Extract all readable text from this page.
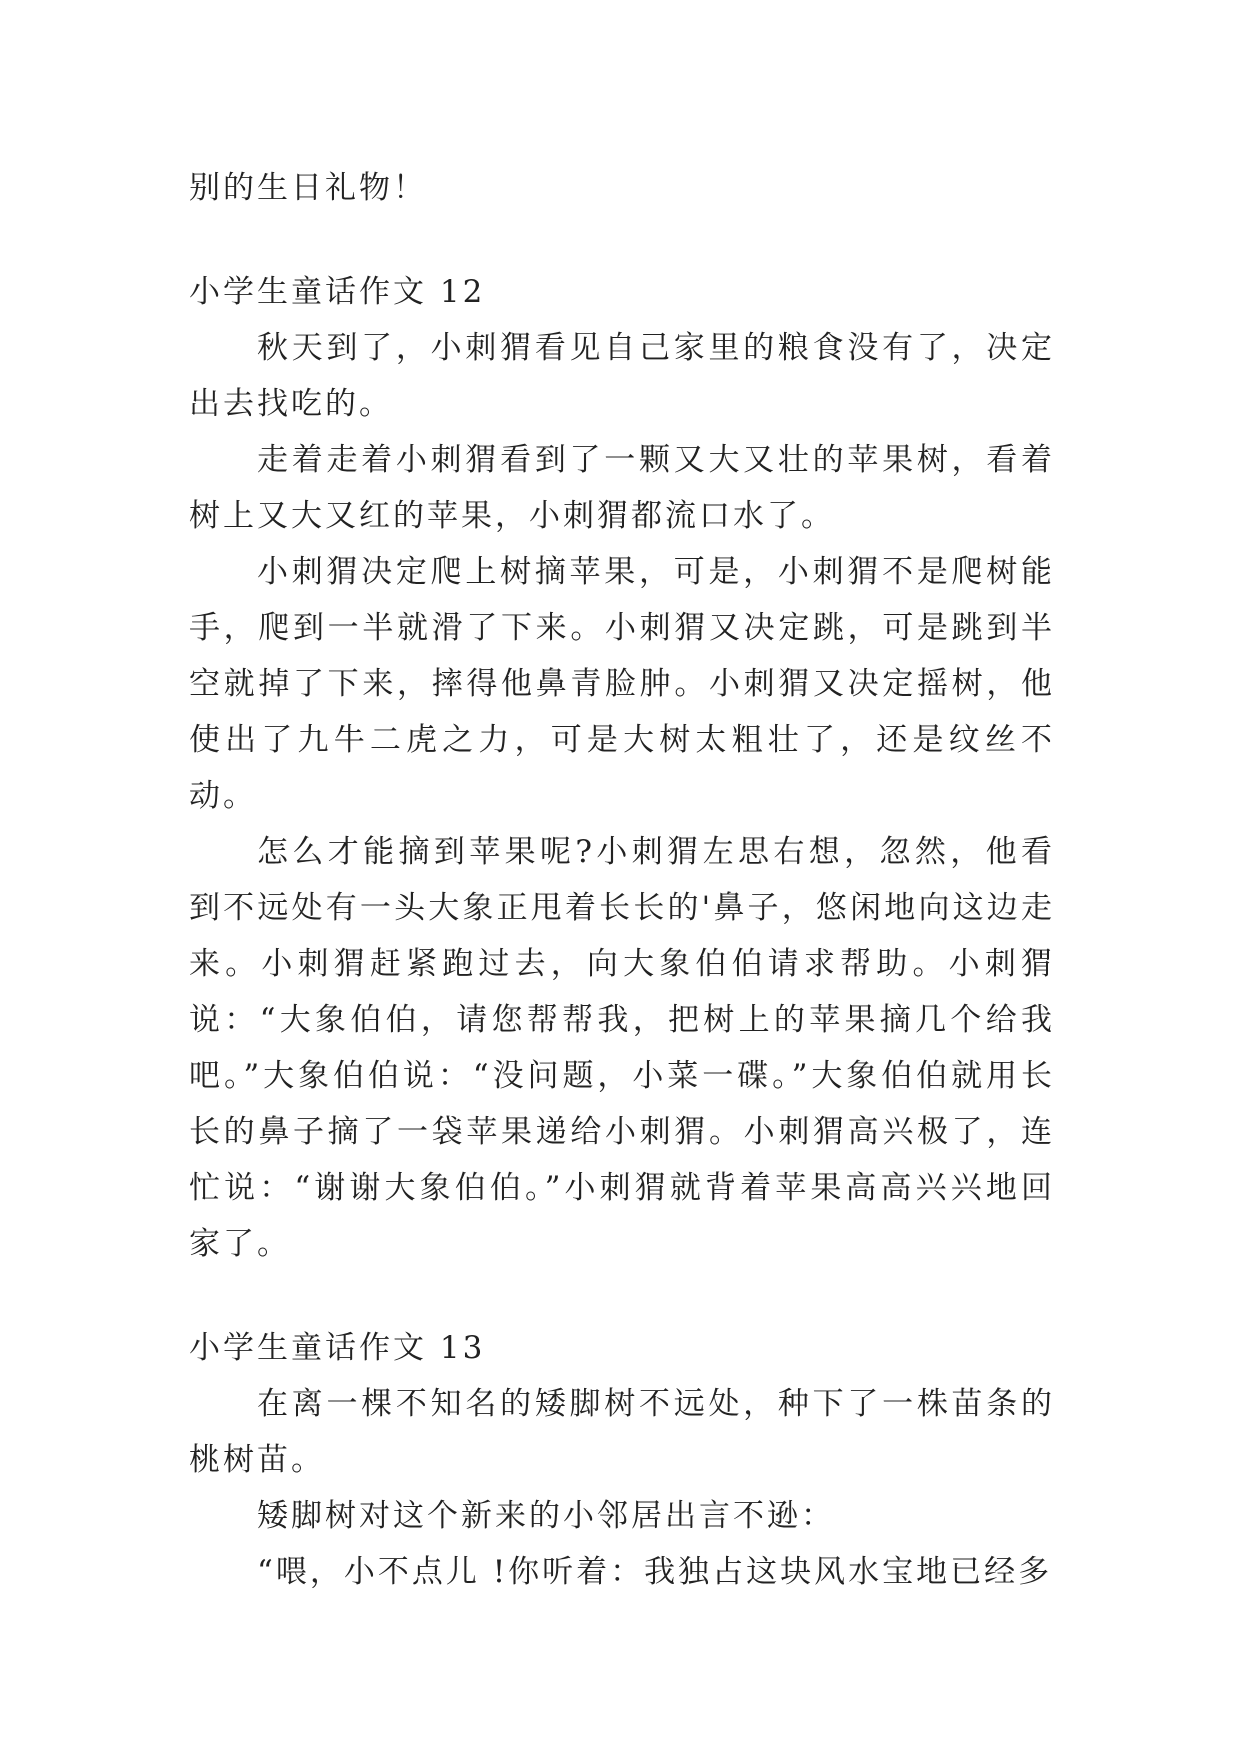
别的生日礼物！

小学生童话作文 12

秋天到了，小刺猬看见自己家里的粮食没有了，决定出去找吃的。

走着走着小刺猬看到了一颗又大又壮的苹果树，看着树上又大又红的苹果，小刺猬都流口水了。

小刺猬决定爬上树摘苹果，可是，小刺猬不是爬树能手，爬到一半就滑了下来。小刺猬又决定跳，可是跳到半空就掉了下来，摔得他鼻青脸肿。小刺猬又决定摇树，他使出了九牛二虎之力，可是大树太粗壮了，还是纹丝不动。

怎么才能摘到苹果呢?小刺猬左思右想，忽然，他看到不远处有一头大象正甩着长长的'鼻子，悠闲地向这边走来。小刺猬赶紧跑过去，向大象伯伯请求帮助。小刺猬说：“大象伯伯，请您帮帮我，把树上的苹果摘几个给我吧。”大象伯伯说：“没问题，小菜一碟。”大象伯伯就用长长的鼻子摘了一袋苹果递给小刺猬。小刺猬高兴极了，连忙说：“谢谢大象伯伯。”小刺猬就背着苹果高高兴兴地回家了。

小学生童话作文 13

在离一棵不知名的矮脚树不远处，种下了一株苗条的桃树苗。

矮脚树对这个新来的小邻居出言不逊：

“喂，小不点儿 !你听着：我独占这块风水宝地已经多
